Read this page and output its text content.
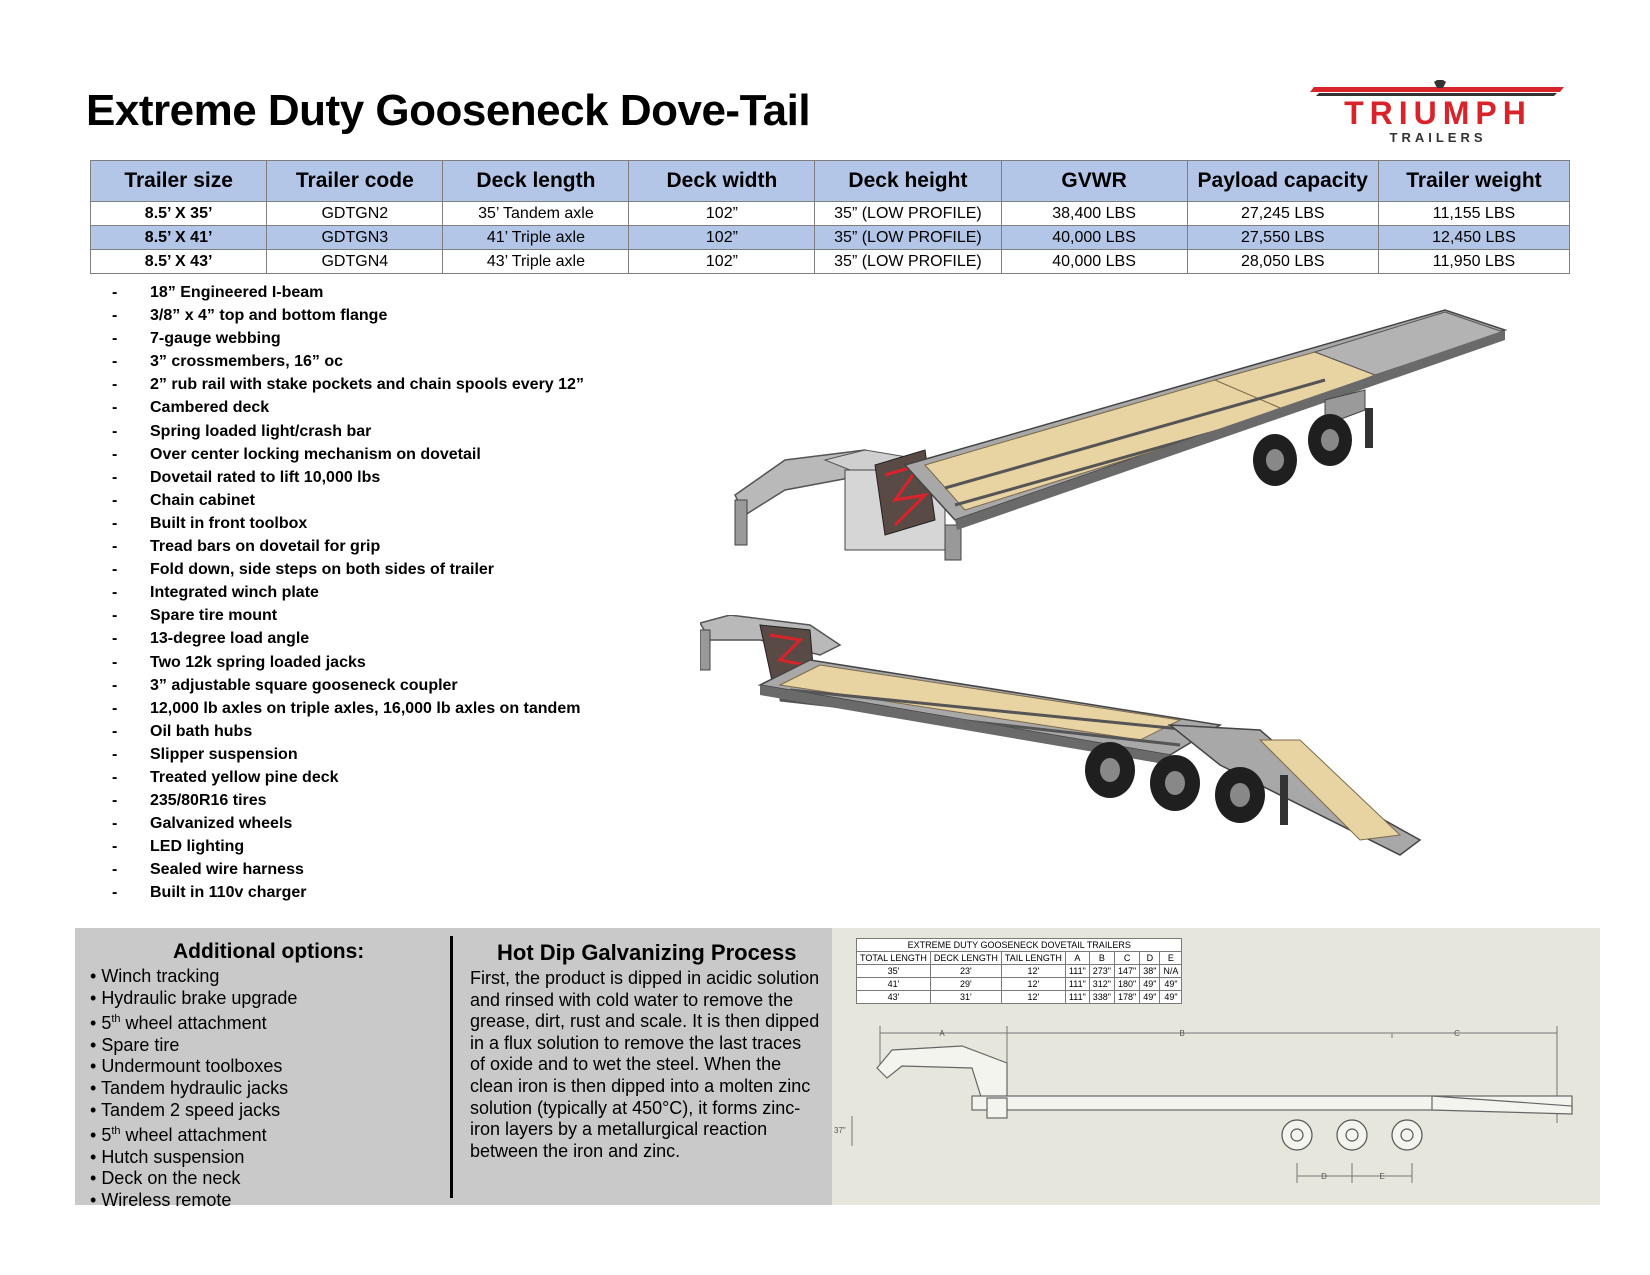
Extreme Duty Gooseneck Dove-Tail	TRIUMPH
TRAILERS
Trailer size	Trailer code	Deck length	Deck width	Deck height	GVWR	Payload capacity	Trailer weight
8.5’ X 35’	GDTGN2	35’ Tandem axle	102”	35” (LOW PROFILE)	38,400 LBS	27,245 LBS	11,155 LBS
8.5’ X 41’	GDTGN3	41’ Triple axle	102”	35” (LOW PROFILE)	40,000 LBS	27,550 LBS	12,450 LBS
8.5’ X 43’	GDTGN4	43’ Triple axle	102”	35” (LOW PROFILE)	40,000 LBS	28,050 LBS	11,950 LBS
- 18” Engineered I-beam
- 3/8” x 4” top and bottom flange
- 7-gauge webbing
- 3” crossmembers, 16” oc
- 2” rub rail with stake pockets and chain spools every 12”
- Cambered deck
- Spring loaded light/crash bar
- Over center locking mechanism on dovetail
- Dovetail rated to lift 10,000 lbs
- Chain cabinet
- Built in front toolbox
- Tread bars on dovetail for grip
- Fold down, side steps on both sides of trailer
- Integrated winch plate
- Spare tire mount
- 13-degree load angle
- Two 12k spring loaded jacks
- 3” adjustable square gooseneck coupler
- 12,000 lb axles on triple axles, 16,000 lb axles on tandem
- Oil bath hubs
- Slipper suspension
- Treated yellow pine deck
- 235/80R16 tires
- Galvanized wheels
- LED lighting
- Sealed wire harness
- Built in 110v charger
Additional options:
• Winch tracking
• Hydraulic brake upgrade
• 5th wheel attachment
• Spare tire
• Undermount toolboxes
• Tandem hydraulic jacks
• Tandem 2 speed jacks
• 5th wheel attachment
• Hutch suspension
• Deck on the neck
• Wireless remote
Hot Dip Galvanizing Process
First, the product is dipped in acidic solution and rinsed with cold water to remove the grease, dirt, rust and scale. It is then dipped in a flux solution to remove the last traces of oxide and to wet the steel. When the clean iron is then dipped into a molten zinc solution (typically at 450°C), it forms zinc-iron layers by a metallurgical reaction between the iron and zinc.
EXTREME DUTY GOOSENECK DOVETAIL TRAILERS							
TOTAL LENGTH	DECK LENGTH	TAIL LENGTH	A	B	C	D	E
35'	23'	12'	111"	273"	147"	38"	N/A
41'	29'	12'	111"	312"	180"	49"	49"
43'	31'	12'	111"	338"	178"	49"	49"
A	B	C
D	E
37"
